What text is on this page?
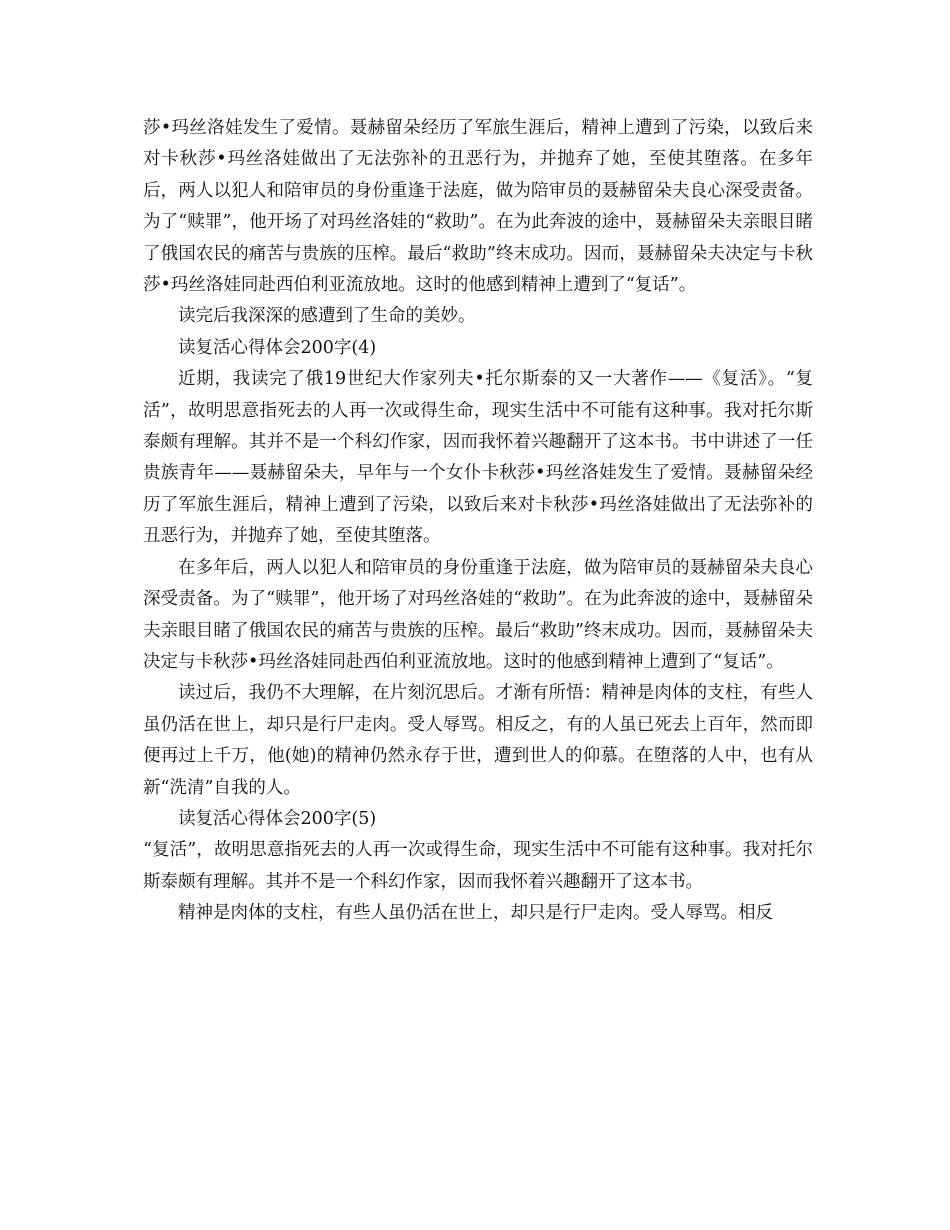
莎•玛丝洛娃发生了爱情。聂赫留朵经历了军旅生涯后，精神上遭到了污染，以致后来对卡秋莎•玛丝洛娃做出了无法弥补的丑恶行为，并抛弃了她，至使其堕落。在多年后，两人以犯人和陪审员的身份重逢于法庭，做为陪审员的聂赫留朵夫良心深受责备。为了“赎罪”，他开场了对玛丝洛娃的“救助”。在为此奔波的途中，聂赫留朵夫亲眼目睹了俄国农民的痛苦与贵族的压榨。最后“救助”终末成功。因而，聂赫留朵夫决定与卡秋莎•玛丝洛娃同赴西伯利亚流放地。这时的他感到精神上遭到了“复话”。

读完后我深深的感遭到了生命的美妙。

读复活心得体会200字(4)

近期，我读完了俄19世纪大作家列夫•托尔斯泰的又一大著作——《复活》。“复活”，故明思意指死去的人再一次或得生命，现实生活中不可能有这种事。我对托尔斯泰颇有理解。其并不是一个科幻作家，因而我怀着兴趣翻开了这本书。书中讲述了一任贵族青年——聂赫留朵夫，早年与一个女仆卡秋莎•玛丝洛娃发生了爱情。聂赫留朵经历了军旅生涯后，精神上遭到了污染，以致后来对卡秋莎•玛丝洛娃做出了无法弥补的丑恶行为，并抛弃了她，至使其堕落。

在多年后，两人以犯人和陪审员的身份重逢于法庭，做为陪审员的聂赫留朵夫良心深受责备。为了“赎罪”，他开场了对玛丝洛娃的“救助”。在为此奔波的途中，聂赫留朵夫亲眼目睹了俄国农民的痛苦与贵族的压榨。最后“救助”终末成功。因而，聂赫留朵夫决定与卡秋莎•玛丝洛娃同赴西伯利亚流放地。这时的他感到精神上遭到了“复话”。

读过后，我仍不大理解，在片刻沉思后。才渐有所悟：精神是肉体的支柱，有些人虽仍活在世上，却只是行尸走肉。受人辱骂。相反之，有的人虽已死去上百年，然而即便再过上千万，他(她)的精神仍然永存于世，遭到世人的仰慕。在堕落的人中，也有从新“洗清”自我的人。

读复活心得体会200字(5)

“复活”，故明思意指死去的人再一次或得生命，现实生活中不可能有这种事。我对托尔斯泰颇有理解。其并不是一个科幻作家，因而我怀着兴趣翻开了这本书。

精神是肉体的支柱，有些人虽仍活在世上，却只是行尸走肉。受人辱骂。相反
